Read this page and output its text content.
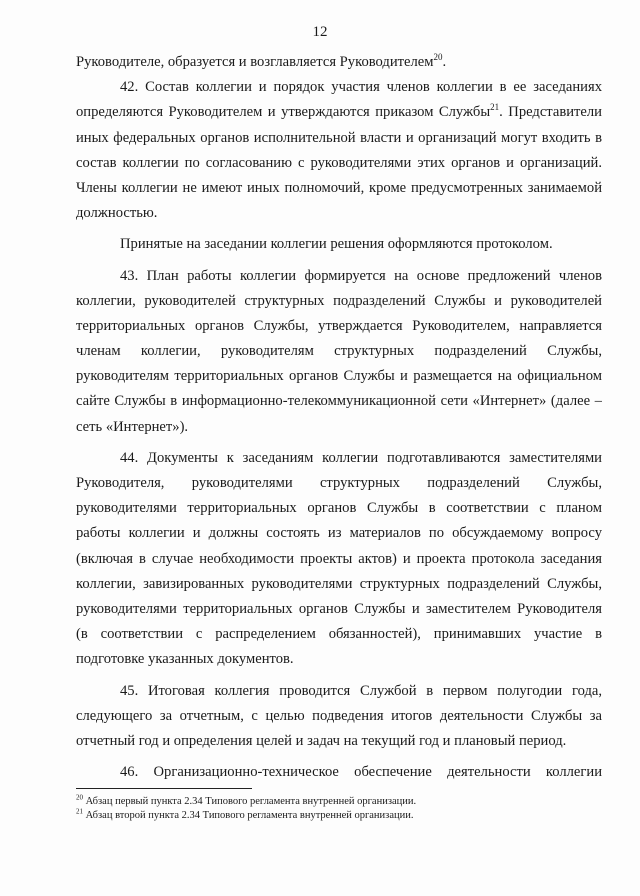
12
Руководителе, образуется и возглавляется Руководителем$^{20}$.
42. Состав коллегии и порядок участия членов коллегии в ее заседаниях
определяются Руководителем и утверждаются приказом Службы$^{21}$. Представители
иных федеральных органов исполнительной власти и организаций могут входить в
состав коллегии по согласованию с руководителями этих органов и организаций.
Члены коллегии не имеют иных полномочий, кроме предусмотренных занимаемой
должностью.
Принятые на заседании коллегии решения оформляются протоколом.
43. План работы коллегии формируется на основе предложений членов
коллегии, руководителей структурных подразделений Службы и руководителей
территориальных органов Службы, утверждается Руководителем, направляется
членам коллегии, руководителям структурных подразделений Службы,
руководителям территориальных органов Службы и размещается на официальном
сайте Службы в информационно-телекоммуникационной сети «Интернет» (далее –
сеть «Интернет»).
44. Документы к заседаниям коллегии подготавливаются заместителями
Руководителя, руководителями структурных подразделений Службы,
руководителями территориальных органов Службы в соответствии с планом
работы коллегии и должны состоять из материалов по обсуждаемому вопросу
(включая в случае необходимости проекты актов) и проекта протокола заседания
коллегии, завизированных руководителями структурных подразделений Службы,
руководителями территориальных органов Службы и заместителем Руководителя
(в соответствии с распределением обязанностей), принимавших участие в
подготовке указанных документов.
45. Итоговая коллегия проводится Службой в первом полугодии года,
следующего за отчетным, с целью подведения итогов деятельности Службы за
отчетный год и определения целей и задач на текущий год и плановый период.
46. Организационно-техническое обеспечение деятельности коллегии
$^{20}$ Абзац первый пункта 2.34 Типового регламента внутренней организации.
$^{21}$ Абзац второй пункта 2.34 Типового регламента внутренней организации.
